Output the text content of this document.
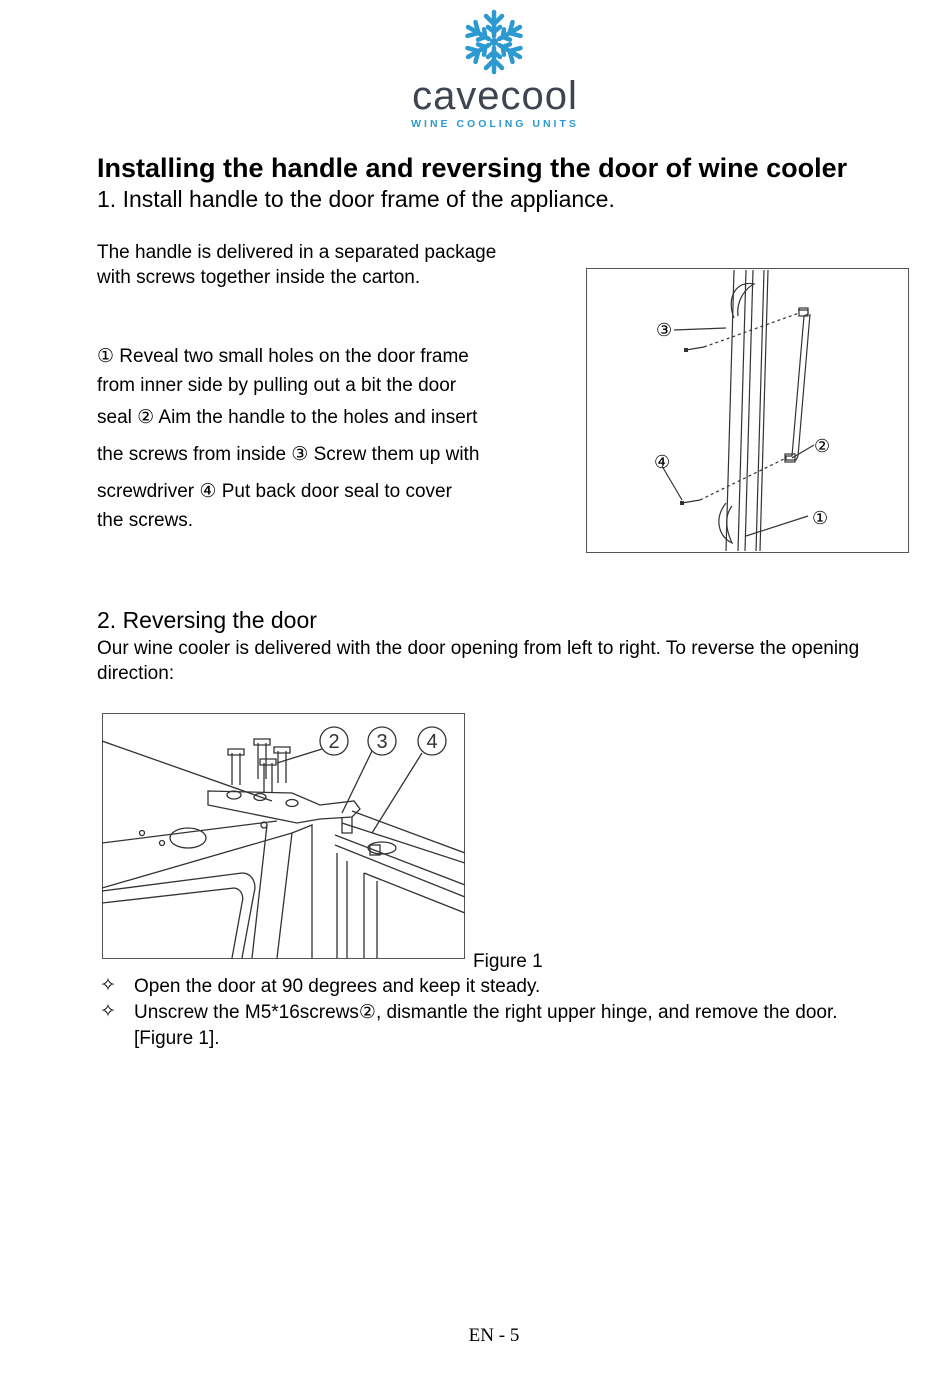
cavecool
WINE COOLING UNITS
Installing the handle and reversing the door of wine cooler
1. Install handle to the door frame of the appliance.
The handle is delivered in a separated package with screws together inside the carton.
① Reveal two small holes on the door frame
from inner side by pulling out a bit the door
seal ② Aim the handle to the holes and insert
the screws from inside ③ Screw them up with
screwdriver ④ Put back door seal to cover
the screws.
③
④
②
①
2. Reversing the door
Our wine cooler is delivered with the door opening from left to right. To reverse the opening direction:
2 3 4
Figure 1
✧ Open the door at 90 degrees and keep it steady.
✧ Unscrew the M5*16screws②, dismantle the right upper hinge, and remove the door. [Figure 1].
EN - 5
